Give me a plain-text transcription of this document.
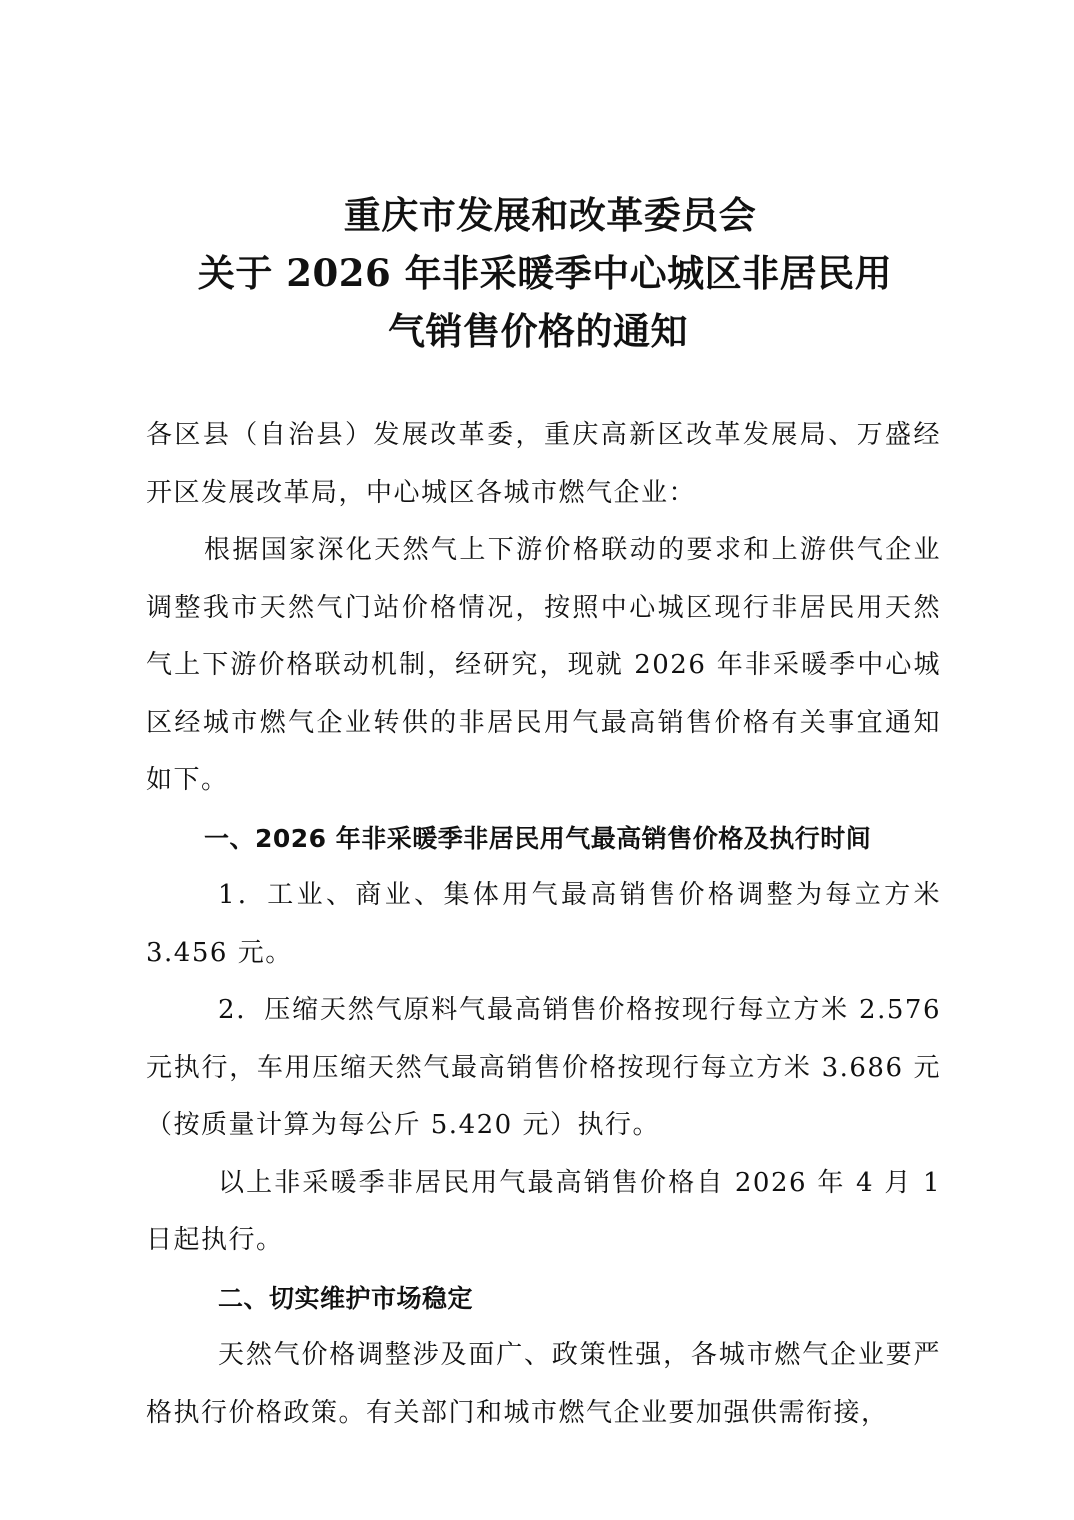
重庆市发展和改革委员会
关于 2026 年非采暖季中心城区非居民用
气销售价格的通知

各区县（自治县）发展改革委，重庆高新区改革发展局、万盛经开区发展改革局，中心城区各城市燃气企业：

根据国家深化天然气上下游价格联动的要求和上游供气企业调整我市天然气门站价格情况，按照中心城区现行非居民用天然气上下游价格联动机制，经研究，现就 2026 年非采暖季中心城区经城市燃气企业转供的非居民用气最高销售价格有关事宜通知如下。

一、2026 年非采暖季非居民用气最高销售价格及执行时间

1．工业、商业、集体用气最高销售价格调整为每立方米 3.456 元。

2．压缩天然气原料气最高销售价格按现行每立方米 2.576 元执行，车用压缩天然气最高销售价格按现行每立方米 3.686 元（按质量计算为每公斤 5.420 元）执行。

以上非采暖季非居民用气最高销售价格自 2026 年 4 月 1 日起执行。

二、切实维护市场稳定

天然气价格调整涉及面广、政策性强，各城市燃气企业要严格执行价格政策。有关部门和城市燃气企业要加强供需衔接，
